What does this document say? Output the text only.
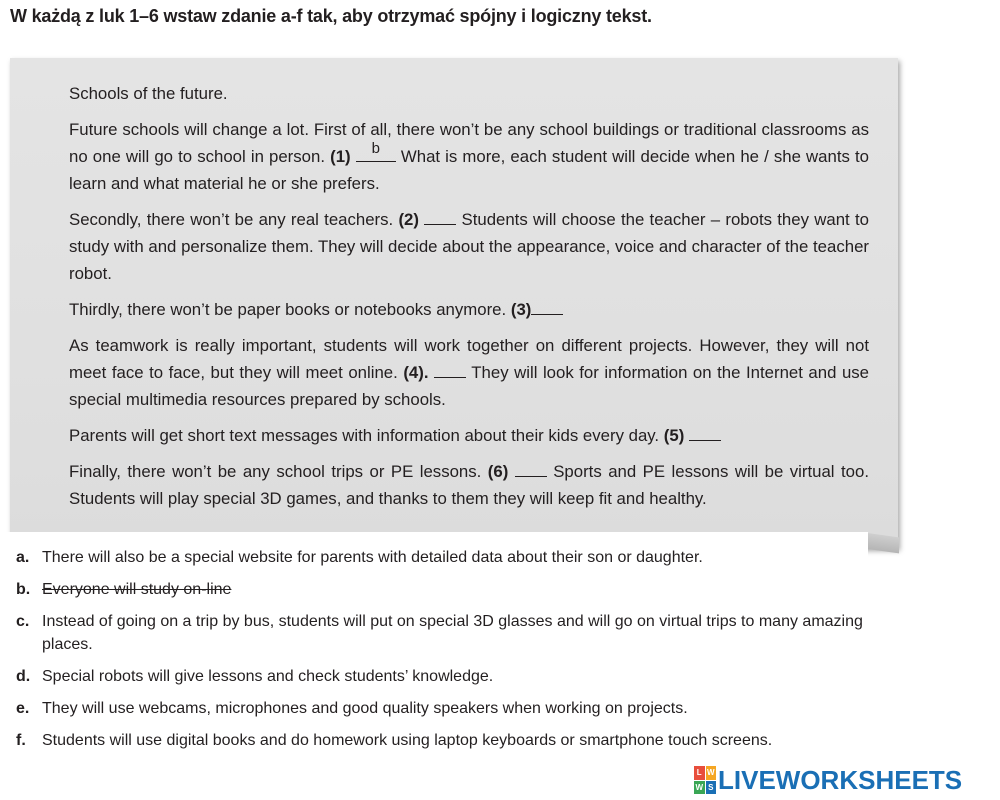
W każdą z luk 1–6 wstaw zdanie a-f tak, aby otrzymać spójny i logiczny tekst.

Schools of the future.

Future schools will change a lot. First of all, there won’t be any school buildings or traditional classrooms as no one will go to school in person. (1)	b	What is more, each student will decide when he / she wants to learn and what material he or she prefers.

Secondly, there won’t be any real teachers. (2)	Students will choose the teacher – robots they want to study with and personalize them. They will decide about the appearance, voice and character of the teacher robot.

Thirdly, there won’t be paper books or notebooks anymore. (3)

As teamwork is really important, students will work together on different projects. However, they will not meet face to face, but they will meet online. (4).	They will look for information on the Internet and use special multimedia resources prepared by schools.

Parents will get short text messages with information about their kids every day. (5)

Finally, there won’t be any school trips or PE lessons. (6)	Sports and PE lessons will be virtual too. Students will play special 3D games, and thanks to them they will keep fit and healthy.

a. There will also be a special website for parents with detailed data about their son or daughter.
b. Everyone will study on-line
c. Instead of going on a trip by bus, students will put on special 3D glasses and will go on virtual trips to many amazing places.
d. Special robots will give lessons and check students’ knowledge.
e. They will use webcams, microphones and good quality speakers when working on projects.
f. Students will use digital books and do homework using laptop keyboards or smartphone touch screens.
L W
W S LIVEWORKSHEETS
